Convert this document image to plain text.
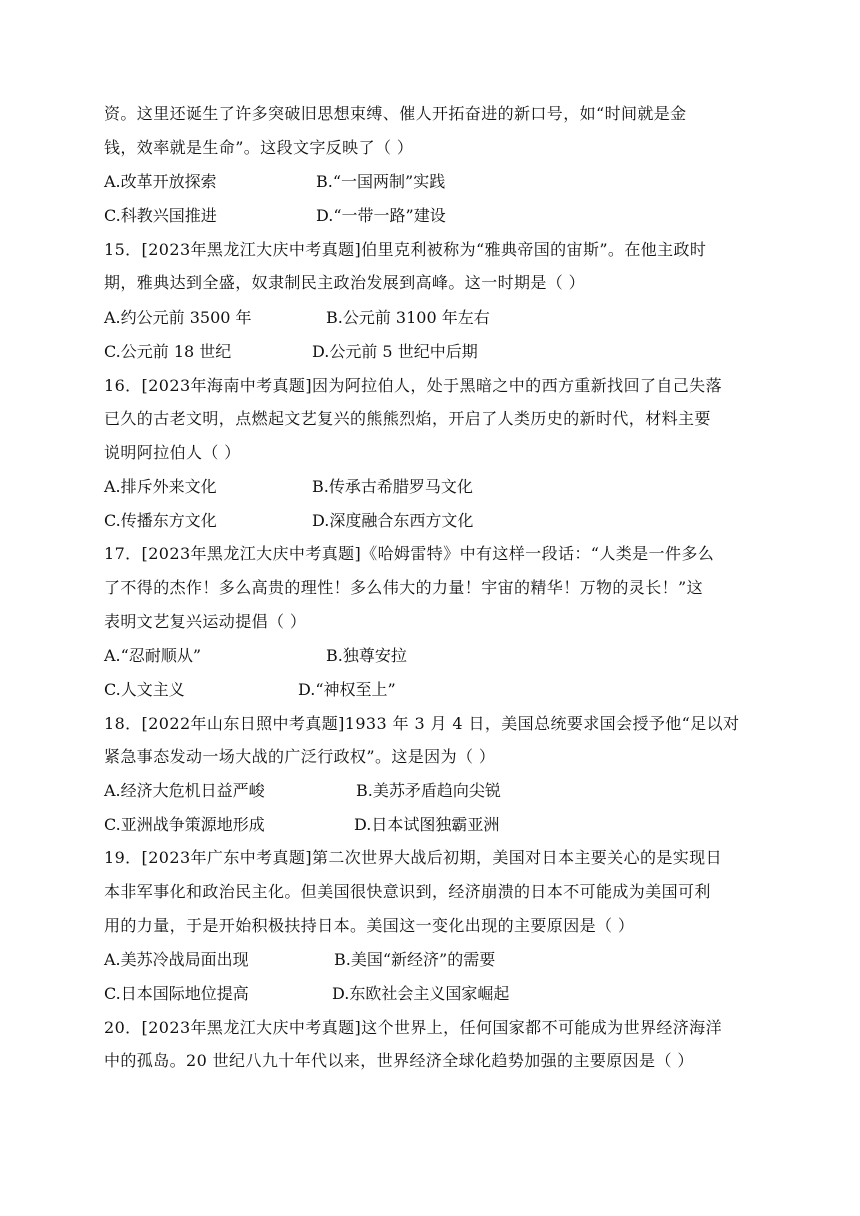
资。这里还诞生了许多突破旧思想束缚、催人开拓奋进的新口号，如“时间就是金
钱，效率就是生命”。这段文字反映了（ ）
A.改革开放探索	B.“一国两制”实践
C.科教兴国推进	D.“一带一路”建设
15．[2023年黑龙江大庆中考真题]伯里克利被称为“雅典帝国的宙斯”。在他主政时
期，雅典达到全盛，奴隶制民主政治发展到高峰。这一时期是（ ）
A.约公元前 3500 年	B.公元前 3100 年左右
C.公元前 18 世纪	D.公元前 5 世纪中后期
16．[2023年海南中考真题]因为阿拉伯人，处于黑暗之中的西方重新找回了自己失落
已久的古老文明，点燃起文艺复兴的熊熊烈焰，开启了人类历史的新时代，材料主要
说明阿拉伯人（ ）
A.排斥外来文化	B.传承古希腊罗马文化
C.传播东方文化	D.深度融合东西方文化
17．[2023年黑龙江大庆中考真题]《哈姆雷特》中有这样一段话：“人类是一件多么
了不得的杰作！多么高贵的理性！多么伟大的力量！宇宙的精华！万物的灵长！”这
表明文艺复兴运动提倡（ ）
A.“忍耐顺从”	B.独尊安拉
C.人文主义	D.“神权至上”
18．[2022年山东日照中考真题]1933 年 3 月 4 日，美国总统要求国会授予他“足以对
紧急事态发动一场大战的广泛行政权”。这是因为（ ）
A.经济大危机日益严峻	B.美苏矛盾趋向尖锐
C.亚洲战争策源地形成	D.日本试图独霸亚洲
19．[2023年广东中考真题]第二次世界大战后初期，美国对日本主要关心的是实现日
本非军事化和政治民主化。但美国很快意识到，经济崩溃的日本不可能成为美国可利
用的力量，于是开始积极扶持日本。美国这一变化出现的主要原因是（ ）
A.美苏冷战局面出现	B.美国“新经济”的需要
C.日本国际地位提高	D.东欧社会主义国家崛起
20．[2023年黑龙江大庆中考真题]这个世界上，任何国家都不可能成为世界经济海洋
中的孤岛。20 世纪八九十年代以来，世界经济全球化趋势加强的主要原因是（ ）
